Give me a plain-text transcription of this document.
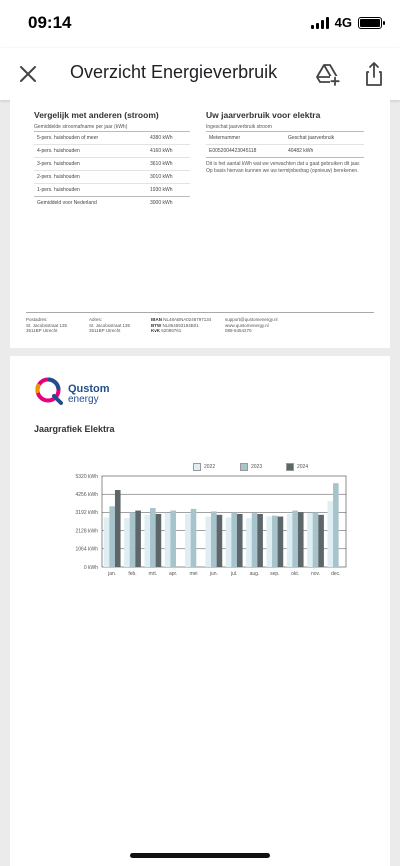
09:14	4G
Overzicht Energieverbruik
Vergelijk met anderen (stroom)
Gemiddelde stroomafname per jaar (kWh)
5-pers. huishouden of meer	4380 kWh
4-pers. huishouden	4160 kWh
3-pers. huishouden	3610 kWh
2-pers. huishouden	3010 kWh
1-pers. huishouden	1930 kWh
Gemiddeld voor Nederland	3000 kWh
Uw jaarverbruik voor elektra
Ingeschat jaarverbruik stroom
Meternummer	Geschat jaarverbruik
E0052004423045118	40482 kWh
Dit is het aantal kWh wat we verwachten dat u gaat gebruiken dit jaar. Op basis hiervan kunnen we uw termijnbedrag (opnieuw) berekenen.
Postadres:
St. Jacobsstraat 135
3511BP Utrecht
Adres:
St. Jacobsstraat 135
3511BP Utrecht
IBAN NL48ABNA0246797134
BTW NL854593184B01
KvK 62089761
support@qustomenergy.nl
www.qustomenergy.nl
088-5454270
Qustom
energy
Jaargrafiek Elektra
2022	2023	2024
5320 kWh
4256 kWh
3192 kWh
2128 kWh
1064 kWh
0 kWh
jan. feb. mrt. apr. mei jun.	jul. aug. sep. okt. nov. dec.
